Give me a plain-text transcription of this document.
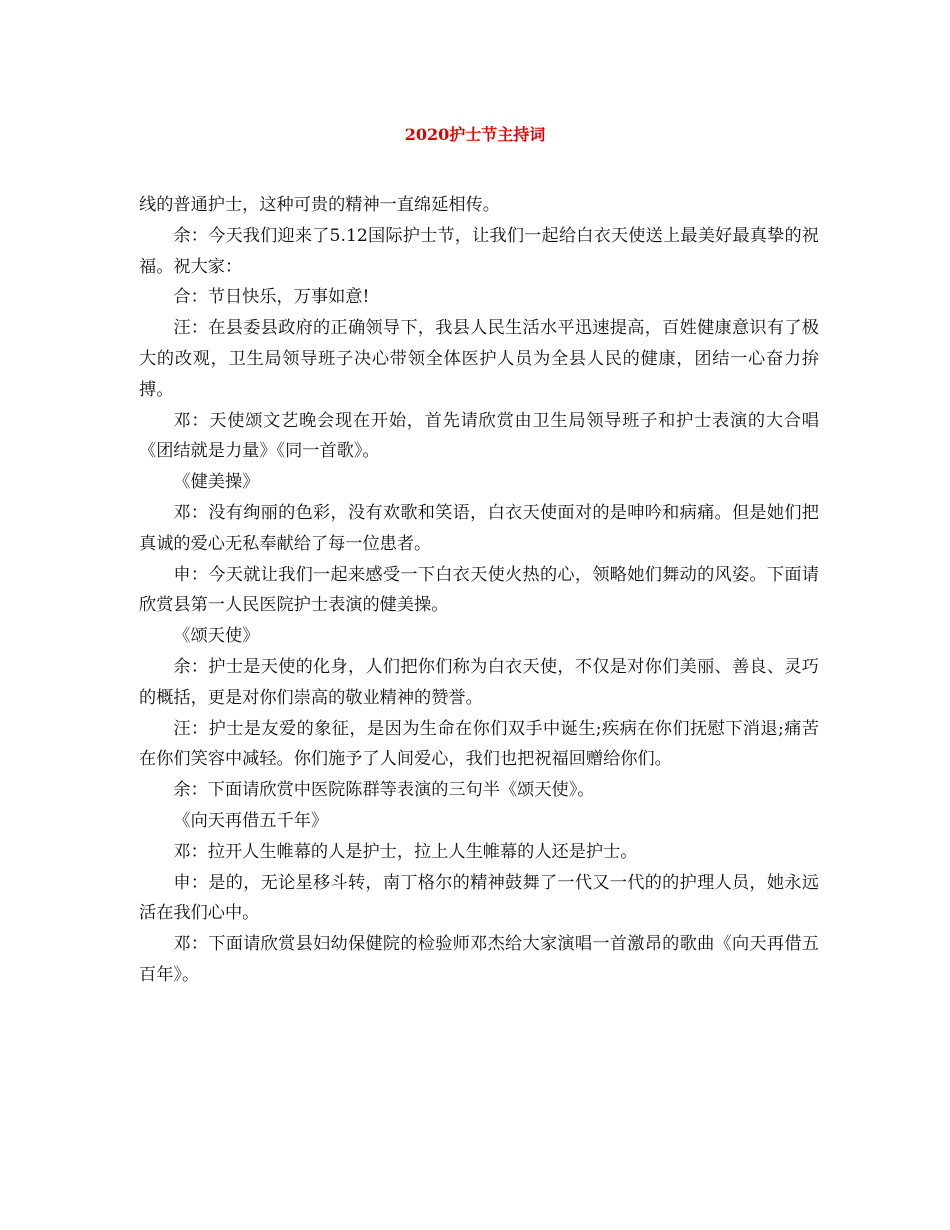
2020护士节主持词

线的普通护士，这种可贵的精神一直绵延相传。

余：今天我们迎来了5.12国际护士节，让我们一起给白衣天使送上最美好最真挚的祝福。祝大家：

合：节日快乐，万事如意!

汪：在县委县政府的正确领导下，我县人民生活水平迅速提高，百姓健康意识有了极大的改观，卫生局领导班子决心带领全体医护人员为全县人民的健康，团结一心奋力拚搏。

邓：天使颂文艺晚会现在开始，首先请欣赏由卫生局领导班子和护士表演的大合唱《团结就是力量》《同一首歌》。

《健美操》

邓：没有绚丽的色彩，没有欢歌和笑语，白衣天使面对的是呻吟和病痛。但是她们把真诚的爱心无私奉献给了每一位患者。

申：今天就让我们一起来感受一下白衣天使火热的心，领略她们舞动的风姿。下面请欣赏县第一人民医院护士表演的健美操。

《颂天使》

余：护士是天使的化身，人们把你们称为白衣天使，不仅是对你们美丽、善良、灵巧的概括，更是对你们崇高的敬业精神的赞誉。

汪：护士是友爱的象征，是因为生命在你们双手中诞生;疾病在你们抚慰下消退;痛苦在你们笑容中减轻。你们施予了人间爱心，我们也把祝福回赠给你们。

余：下面请欣赏中医院陈群等表演的三句半《颂天使》。

《向天再借五千年》

邓：拉开人生帷幕的人是护士，拉上人生帷幕的人还是护士。

申：是的，无论星移斗转，南丁格尔的精神鼓舞了一代又一代的的护理人员，她永远活在我们心中。

邓：下面请欣赏县妇幼保健院的检验师邓杰给大家演唱一首激昂的歌曲《向天再借五百年》。
